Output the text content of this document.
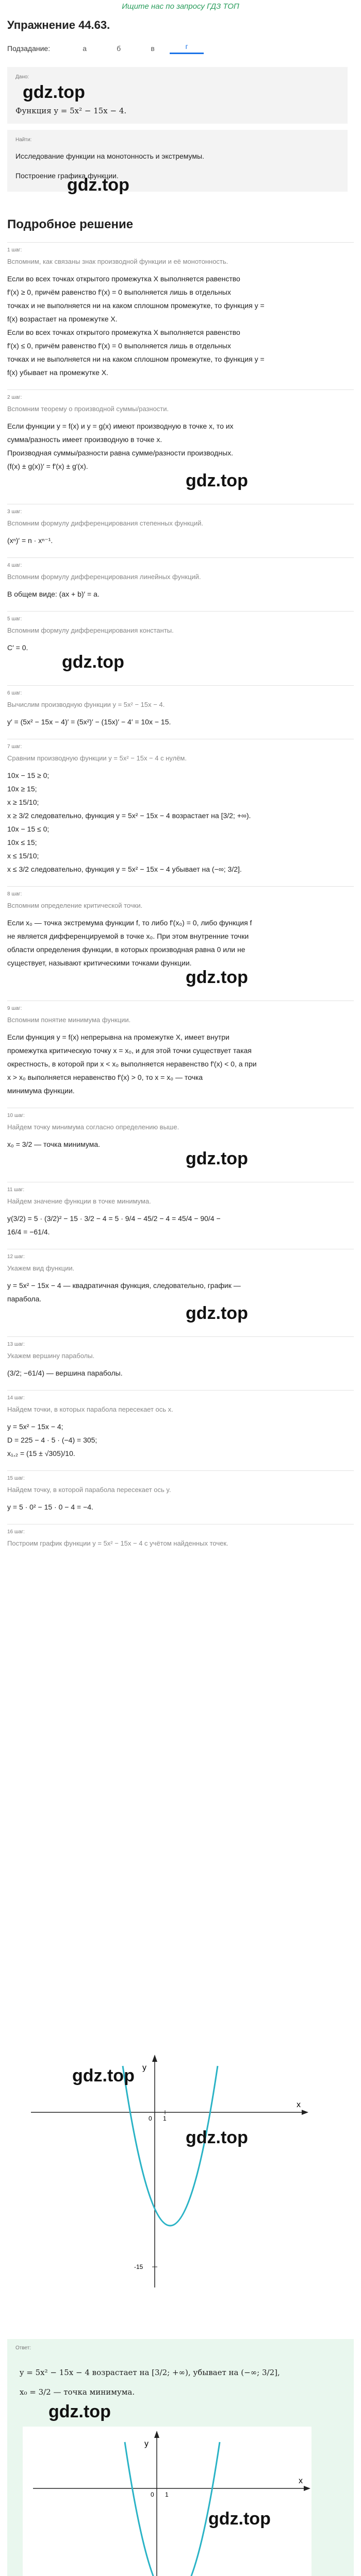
Ищите нас по запросу ГДЗ ТОП
Упражнение 44.63.
Подзадание:	а	б	в	г
Дано:
gdz.top
Функция y = 5x² − 15x − 4.
Найти:
Исследование функции на монотонность и экстремумы.
Построение графика функции.
gdz.top
Подробное решение
1 шаг:
Вспомним, как связаны знак производной функции и её монотонность.
Если во всех точках открытого промежутка X выполняется равенство
f′(x) ≥ 0, причём равенство f′(x) = 0 выполняется лишь в отдельных
точках и не выполняется ни на каком сплошном промежутке, то функция y =
f(x) возрастает на промежутке X.
Если во всех точках открытого промежутка X выполняется равенство
f′(x) ≤ 0, причём равенство f′(x) = 0 выполняется лишь в отдельных
точках и не выполняется ни на каком сплошном промежутке, то функция y =
f(x) убывает на промежутке X.
2 шаг:
Вспомним теорему о производной суммы/разности.
Если функции y = f(x) и y = g(x) имеют производную в точке x, то их
сумма/разность имеет производную в точке x.
Производная суммы/разности равна сумме/разности производных.
(f(x) ± g(x))′ = f′(x) ± g′(x).
gdz.top
3 шаг:
Вспомним формулу дифференцирования степенных функций.
(xⁿ)′ = n · xⁿ⁻¹.
4 шаг:
Вспомним формулу дифференцирования линейных функций.
В общем виде: (ax + b)′ = a.
5 шаг:
Вспомним формулу дифференцирования константы.
C′ = 0.
gdz.top
6 шаг:
Вычислим производную функции y = 5x² − 15x − 4.
y′ = (5x² − 15x − 4)′ = (5x²)′ − (15x)′ − 4′ = 10x − 15.
7 шаг:
Сравним производную функции y = 5x² − 15x − 4 с нулём.
10x − 15 ≥ 0;
10x ≥ 15;
x ≥ 15/10;
x ≥ 3/2 следовательно, функция y = 5x² − 15x − 4 возрастает на [3/2; +∞).
10x − 15 ≤ 0;
10x ≤ 15;
x ≤ 15/10;
x ≤ 3/2 следовательно, функция y = 5x² − 15x − 4 убывает на (−∞; 3/2].
8 шаг:
Вспомним определение критической точки.
Если x₀ — точка экстремума функции f, то либо f′(x₀) = 0, либо функция f
не является дифференцируемой в точке x₀. При этом внутренние точки
области определения функции, в которых производная равна 0 или не
существует, называют критическими точками функции.
gdz.top
9 шаг:
Вспомним понятие минимума функции.
Если функция y = f(x) непрерывна на промежутке X, имеет внутри
промежутка критическую точку x = x₀, и для этой точки существует такая
окрестность, в которой при x < x₀ выполняется неравенство f′(x) < 0, а при
x > x₀ выполняется неравенство f′(x) > 0, то x = x₀ — точка
минимума функции.
10 шаг:
Найдем точку минимума согласно определению выше.
x₀ = 3/2 — точка минимума.
gdz.top
11 шаг:
Найдем значение функции в точке минимума.
y(3/2) = 5 · (3/2)² − 15 · 3/2 − 4 = 5 · 9/4 − 45/2 − 4 = 45/4 − 90/4 −
16/4 = −61/4.
12 шаг:
Укажем вид функции.
y = 5x² − 15x − 4 — квадратичная функция, следовательно, график —
парабола.
gdz.top
13 шаг:
Укажем вершину параболы.
(3/2; −61/4) — вершина параболы.
14 шаг:
Найдем точки, в которых парабола пересекает ось x.
y = 5x² − 15x − 4;
D = 225 − 4 · 5 · (−4) = 305;
x₁,₂ = (15 ± √305)/10.
15 шаг:
Найдем точку, в которой парабола пересекает ось y.
y = 5 · 0² − 15 · 0 − 4 = −4.
16 шаг:
Построим график функции y = 5x² − 15x − 4 с учётом найденных точек.
x
y
0 1
-15
gdz.top
gdz.top
Ответ:
y = 5x² − 15x − 4 возрастает на [3/2; +∞), убывает на (−∞; 3/2],
x₀ = 3/2 — точка минимума.
gdz.top
x
y
0 1
gdz.top
